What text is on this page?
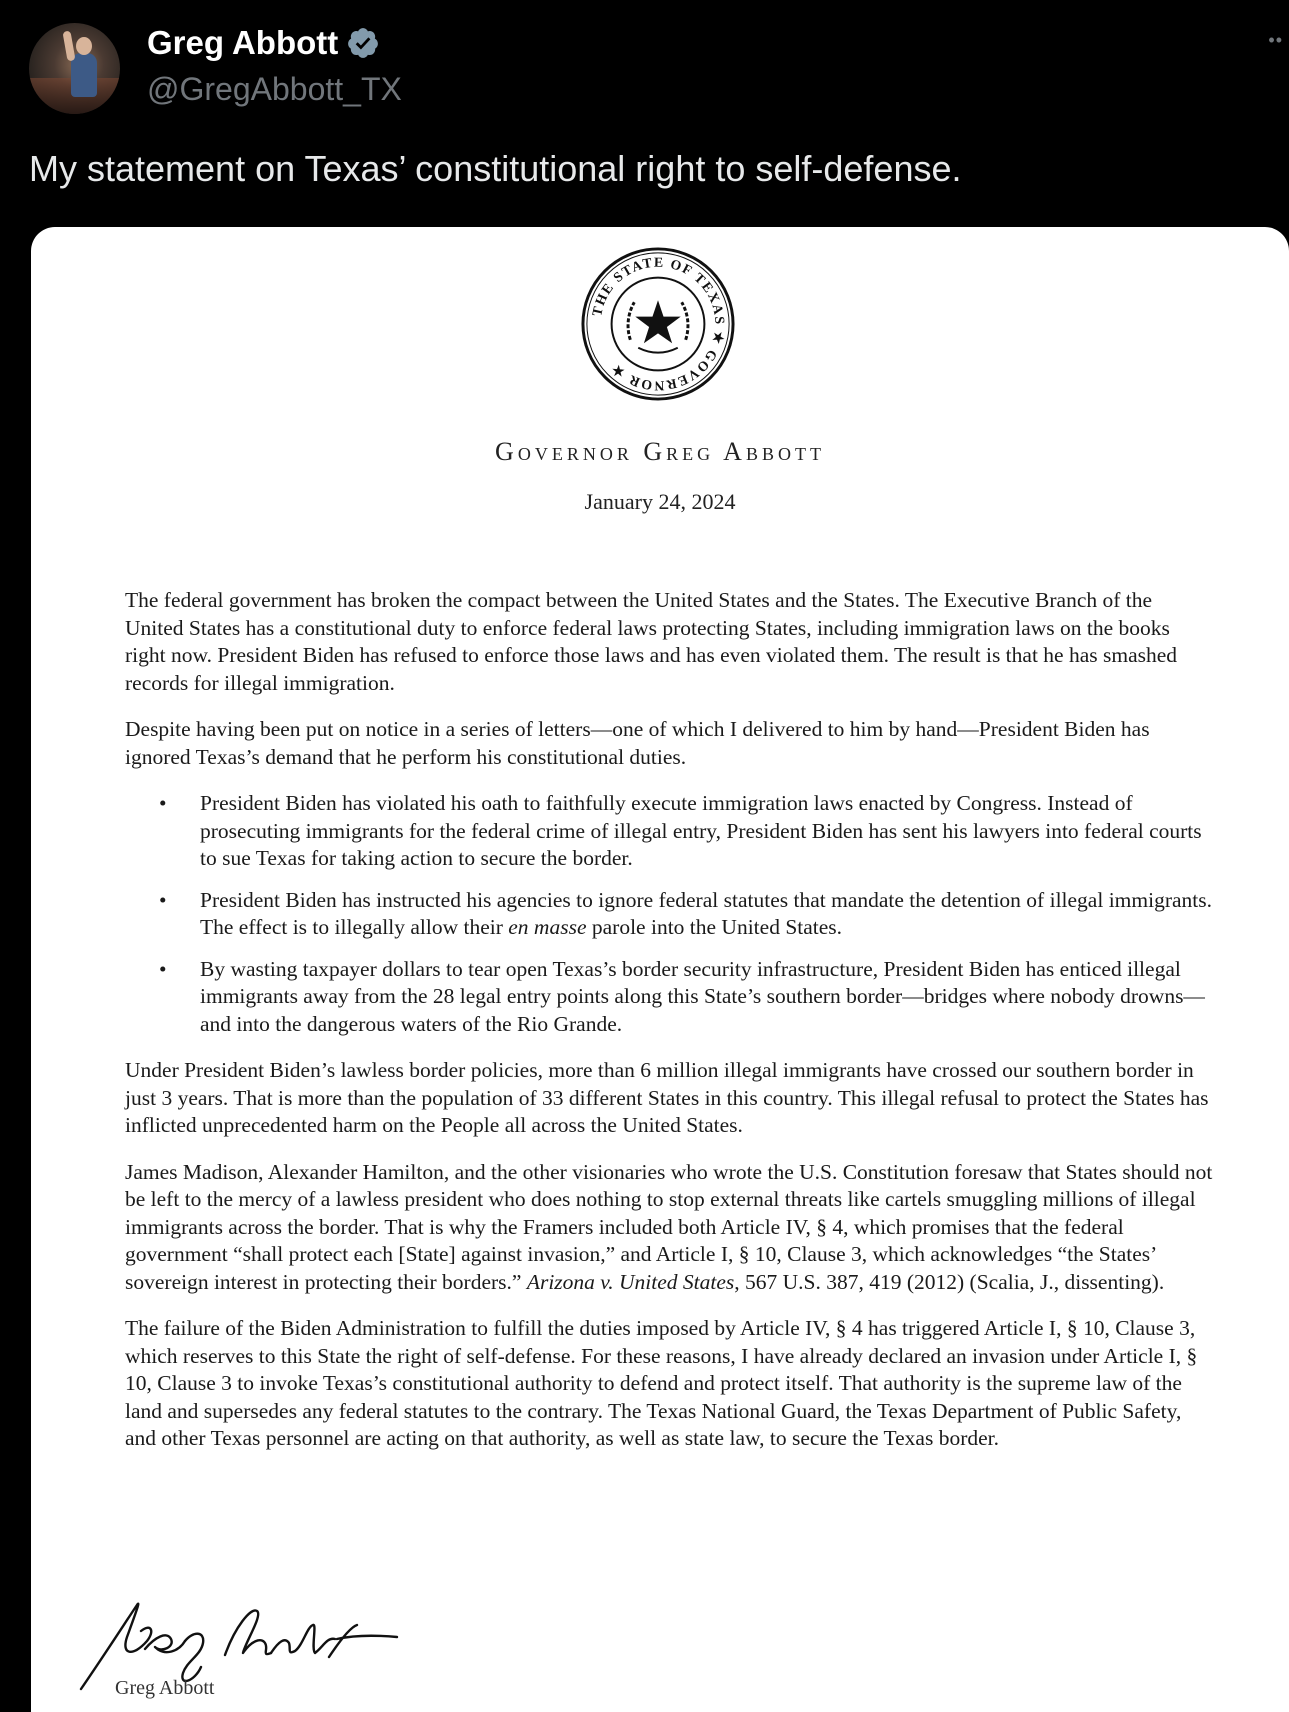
Greg Abbott
@GregAbbott_TX
••
My statement on Texas’ constitutional right to self-defense.
THE STATE OF TEXAS ★ GOVERNOR ★
Governor Greg Abbott
January 24, 2024

The federal government has broken the compact between the United States and the States. The Executive Branch of the United States has a constitutional duty to enforce federal laws protecting States, including immigration laws on the books right now. President Biden has refused to enforce those laws and has even violated them. The result is that he has smashed records for illegal immigration.

Despite having been put on notice in a series of letters—one of which I delivered to him by hand—President Biden has ignored Texas’s demand that he perform his constitutional duties.

• President Biden has violated his oath to faithfully execute immigration laws enacted by Congress. Instead of prosecuting immigrants for the federal crime of illegal entry, President Biden has sent his lawyers into federal courts to sue Texas for taking action to secure the border.
• President Biden has instructed his agencies to ignore federal statutes that mandate the detention of illegal immigrants. The effect is to illegally allow their en masse parole into the United States.
• By wasting taxpayer dollars to tear open Texas’s border security infrastructure, President Biden has enticed illegal immigrants away from the 28 legal entry points along this State’s southern border—bridges where nobody drowns—and into the dangerous waters of the Rio Grande.

Under President Biden’s lawless border policies, more than 6 million illegal immigrants have crossed our southern border in just 3 years. That is more than the population of 33 different States in this country. This illegal refusal to protect the States has inflicted unprecedented harm on the People all across the United States.

James Madison, Alexander Hamilton, and the other visionaries who wrote the U.S. Constitution foresaw that States should not be left to the mercy of a lawless president who does nothing to stop external threats like cartels smuggling millions of illegal immigrants across the border. That is why the Framers included both Article IV, § 4, which promises that the federal government “shall protect each [State] against invasion,” and Article I, § 10, Clause 3, which acknowledges “the States’ sovereign interest in protecting their borders.” Arizona v. United States, 567 U.S. 387, 419 (2012) (Scalia, J., dissenting).

The failure of the Biden Administration to fulfill the duties imposed by Article IV, § 4 has triggered Article I, § 10, Clause 3, which reserves to this State the right of self-defense. For these reasons, I have already declared an invasion under Article I, § 10, Clause 3 to invoke Texas’s constitutional authority to defend and protect itself. That authority is the supreme law of the land and supersedes any federal statutes to the contrary. The Texas National Guard, the Texas Department of Public Safety, and other Texas personnel are acting on that authority, as well as state law, to secure the Texas border.

Greg Abbott
